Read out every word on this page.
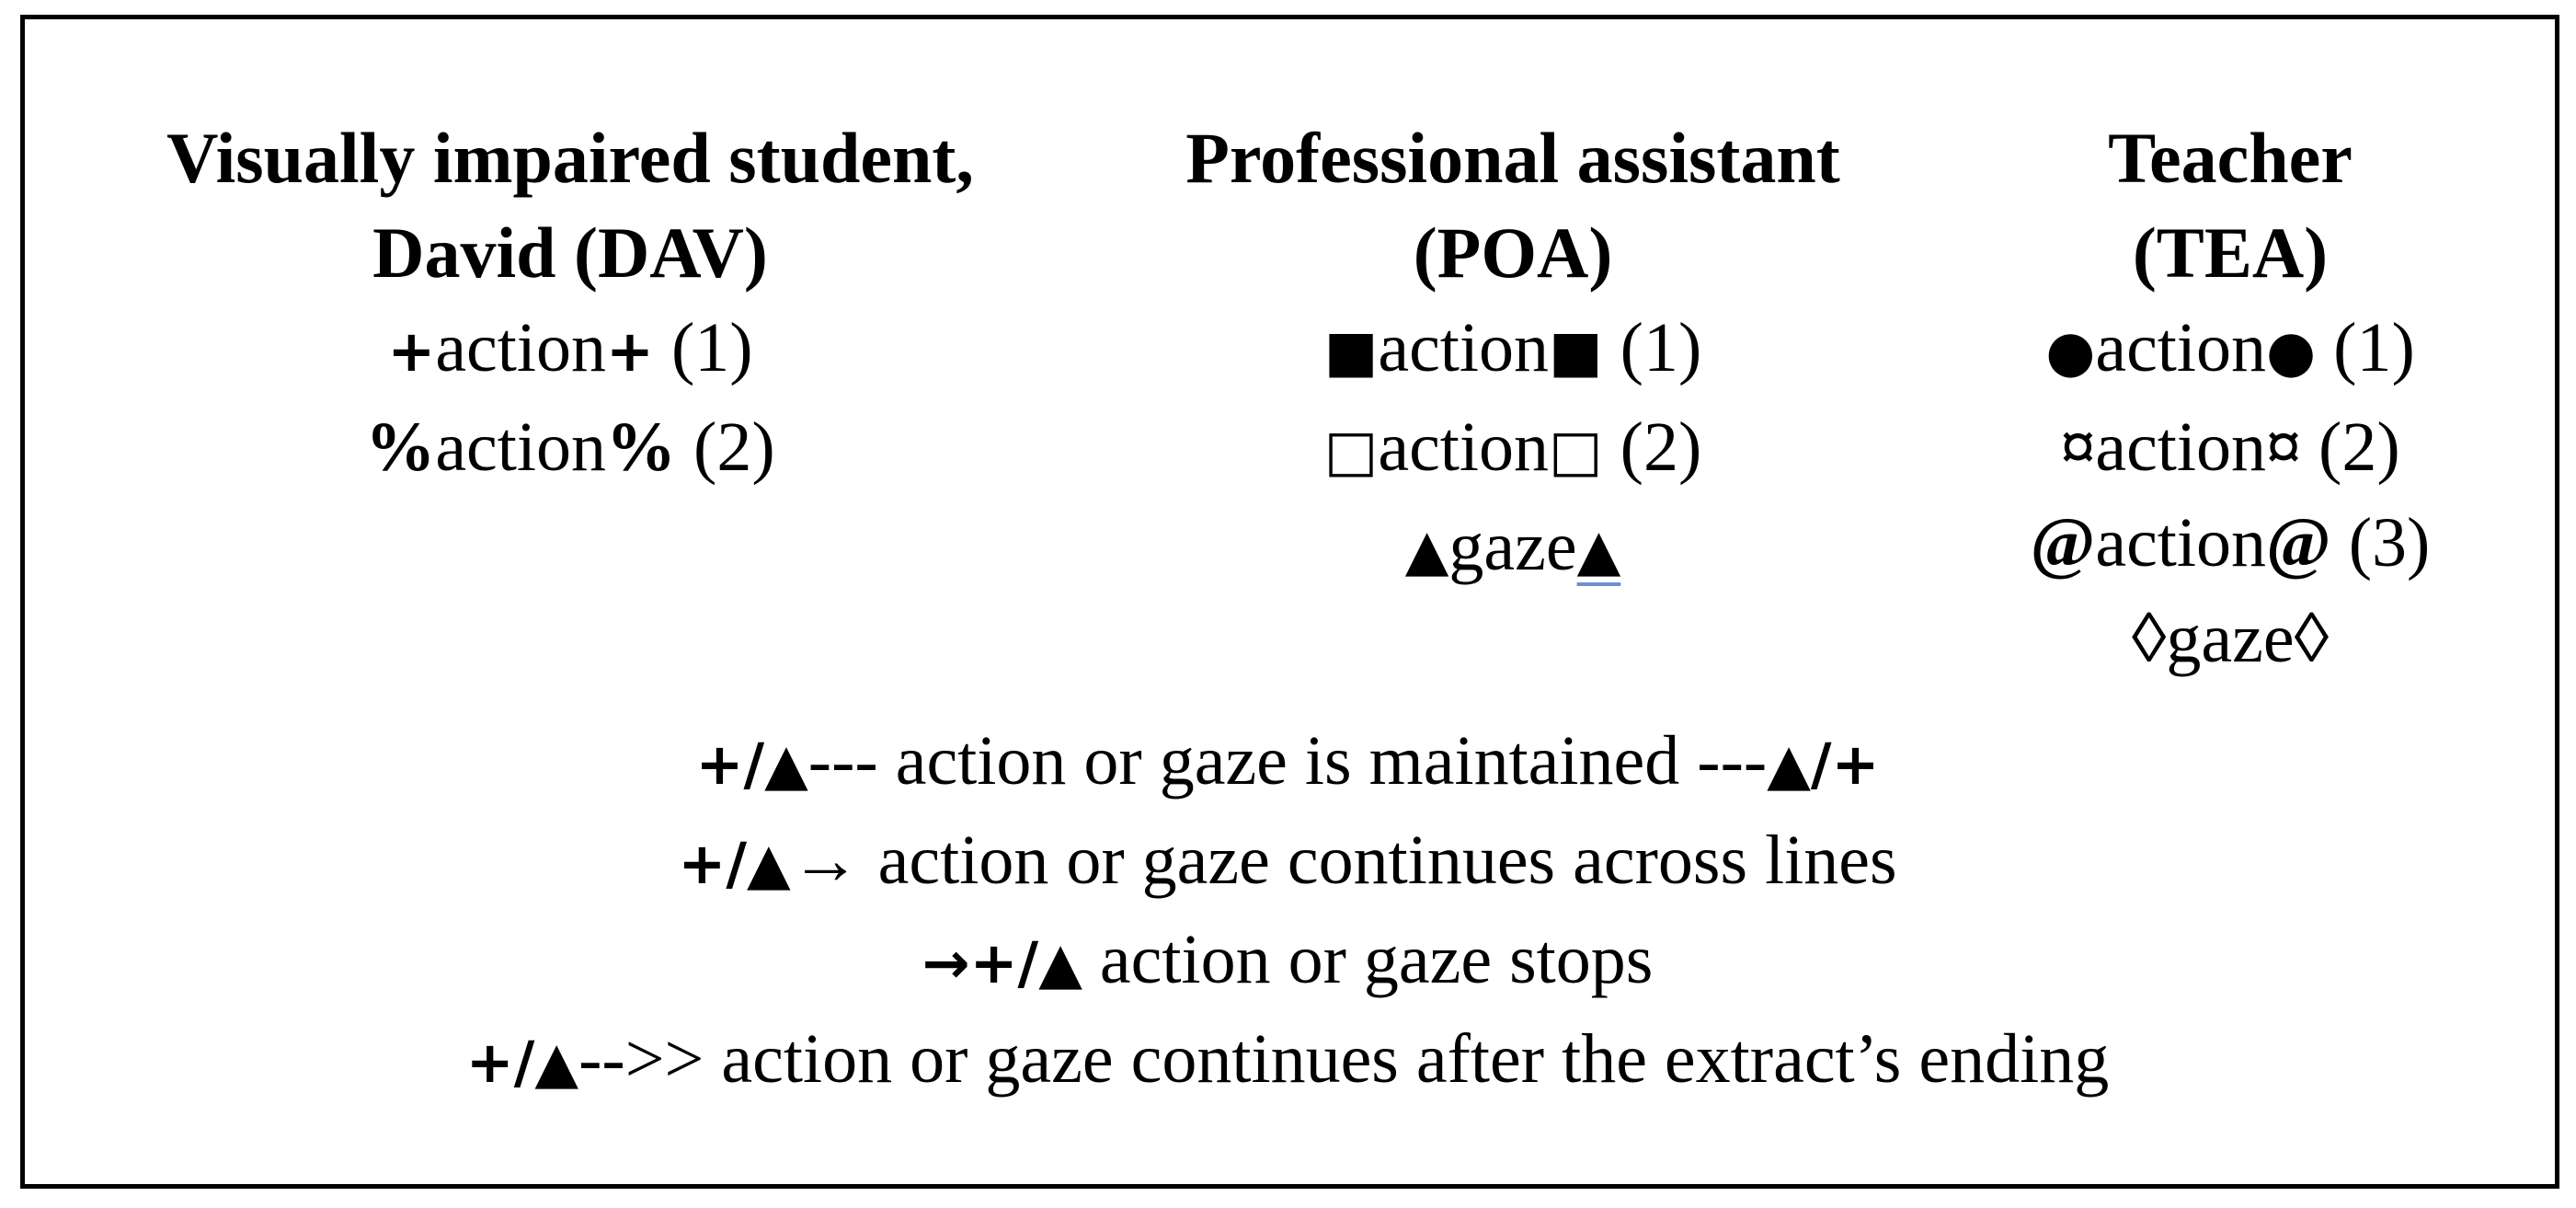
Visually impaired student,
David (DAV)
+action+ (1)
%action% (2)
Professional assistant
(POA)
■action■ (1)
□action□ (2)
▲gaze▲
Teacher
(TEA)
●action● (1)
¤action¤ (2)
@action@ (3)
◊gaze◊
+/▲--- action or gaze is maintained ---▲/+
+/▲→ action or gaze continues across lines
→+/▲ action or gaze stops
+/▲-->> action or gaze continues after the extract’s ending
